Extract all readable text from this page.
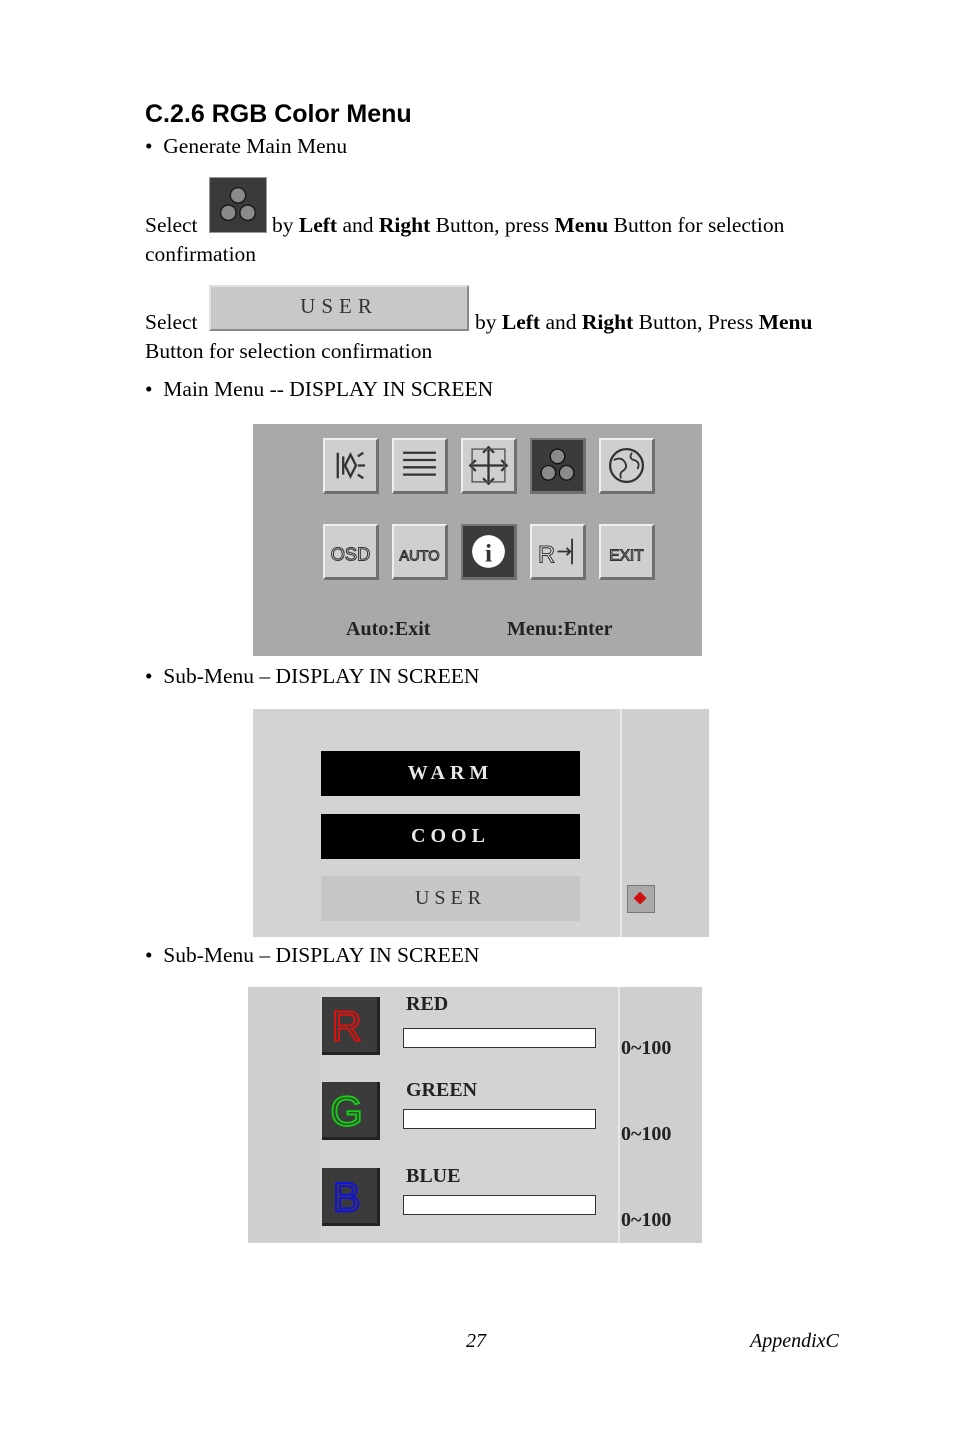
C.2.6 RGB Color Menu
• Generate Main Menu
Select	by Left and Right Button, press Menu Button for selection
confirmation
Select
USER
by Left and Right Button, Press Menu
Button for selection confirmation
• Main Menu -- DISPLAY IN SCREEN
OSD AUTO i R	EXIT
Auto:Exit	Menu:Enter
• Sub-Menu – DISPLAY IN SCREEN
WARM
COOL
USER
• Sub-Menu – DISPLAY IN SCREEN
R RED
0~100
G GREEN
0~100
B BLUE
0~100
27	AppendixC
